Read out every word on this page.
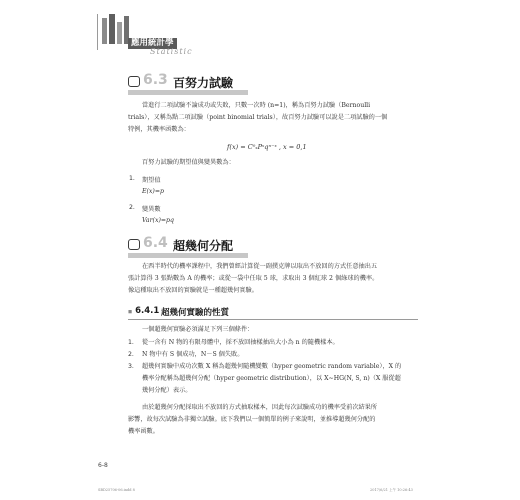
應用統計學
Statistic
6.3 百努力試驗
當進行二項試驗不論成功或失敗，只數一次時 (n=1)，稱為百努力試驗（Bernoulli
trials），又稱為點二項試驗（point binomial trials），故百努力試驗可以說是二項試驗的一個
特例，其機率函數為：
f(x) = C⁰ₓPˣqⁿ⁻ˣ , x = 0,1
百努力試驗的期望值與變異數為：
1. 期望值
E(x)=p
2. 變異數
Var(x)=pq
6.4 超幾何分配
在西半時代的機率課程中，我們曾經計算從一副撲克牌以取出不放回的方式任意抽出五
張計算得 3 張點數為 A 的機率；或從一袋中任取 5 球，求取出 3 個紅球 2 個綠球的機率。
像這種取出不放回的實驗就是一種超幾何實驗。
◼ 6.4.1 超幾何實驗的性質
一個超幾何實驗必須滿足下列三個條件：
1.	從一含有 N 物的有限母體中，採不放回抽樣抽出大小為 n 的隨機樣本。
2.	N 物中有 S 個成功，N－S 個失敗。
3.	超幾何實驗中成功次數 X 稱為超幾何隨機變數（hyper geometric random variable），X 的
機率分配稱為超幾何分配（hyper geometric distribution），以 X~HG(N, S, n)（X 服從超
幾何分配）表示。
由於超幾何分配採取出不放回的方式抽取樣本，因此每次試驗成功的機率受前次結果所
影響，故每次試驗為非獨立試驗。底下我們以一個簡單的例子來說明，並推導超幾何分配的
機率函數。
6-8
SBD25706-06.indd 8	2017/6/21 上午 10:26:43
